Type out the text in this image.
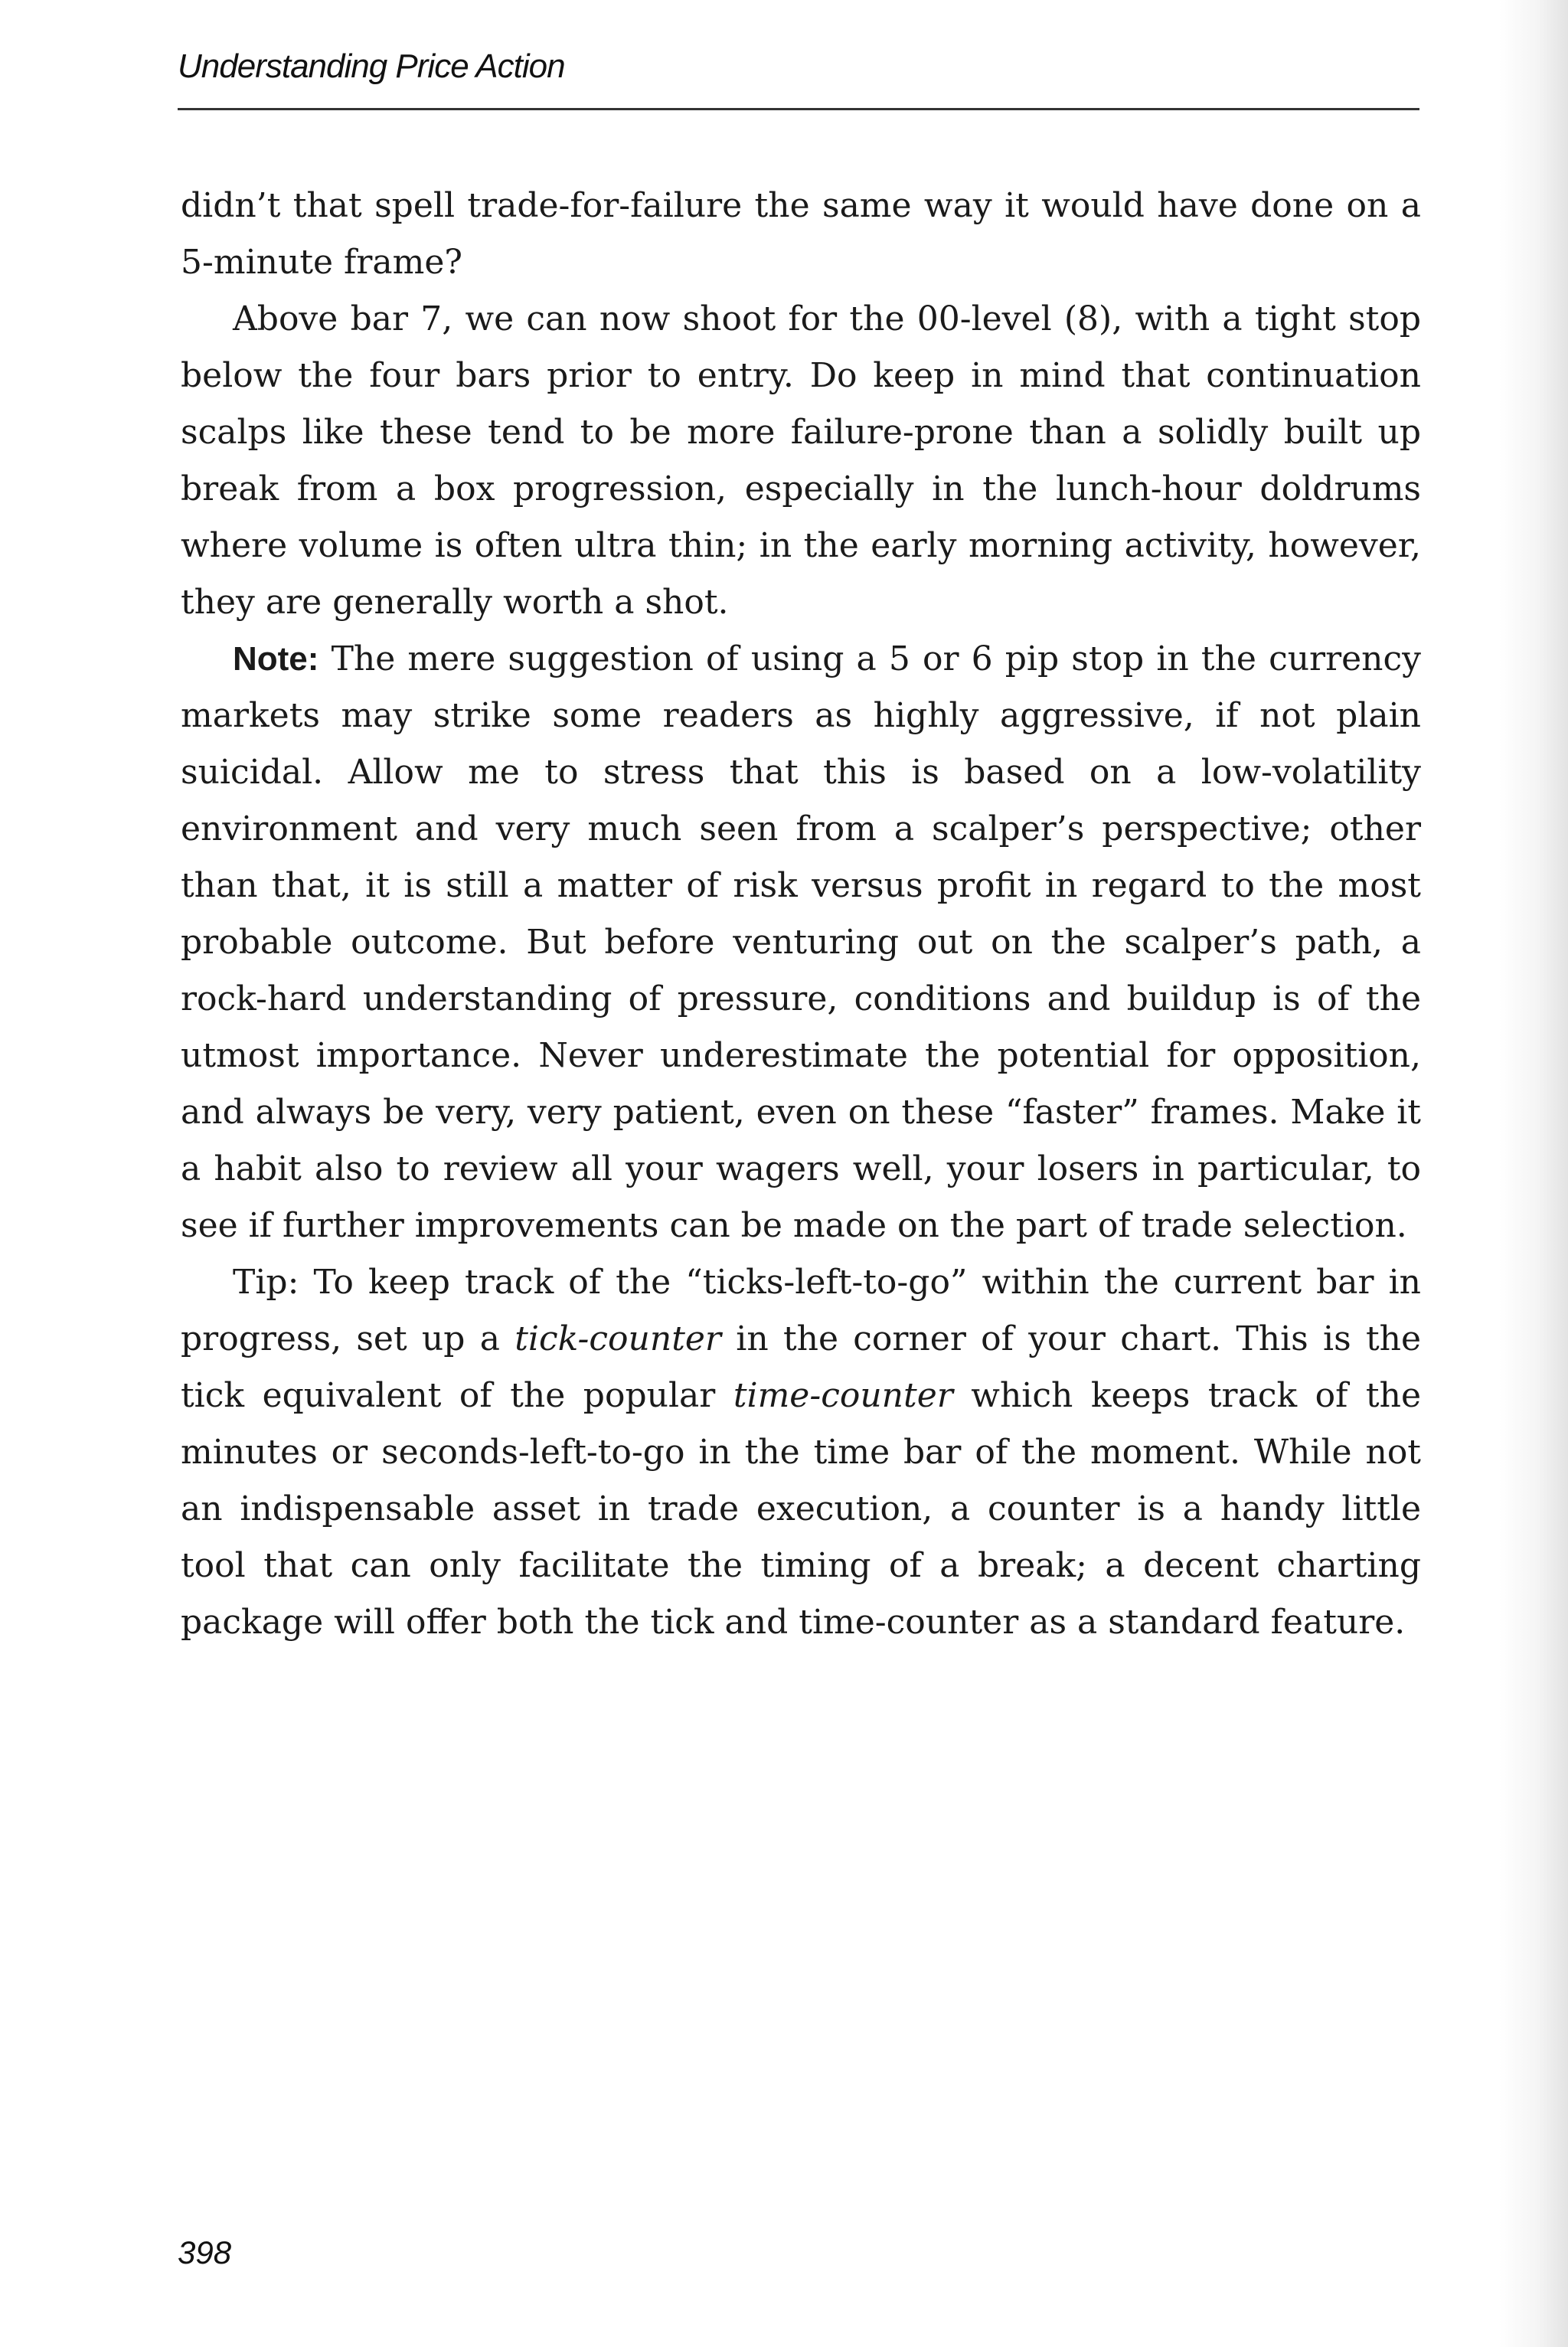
Understanding Price Action

didn’t that spell trade-for-failure the same way it would have done on a 5-minute frame?

Above bar 7, we can now shoot for the 00-level (8), with a tight stop below the four bars prior to entry. Do keep in mind that continuation scalps like these tend to be more failure-prone than a solidly built up break from a box progression, especially in the lunch-hour doldrums where volume is often ultra thin; in the early morning activity, however, they are generally worth a shot.

Note: The mere suggestion of using a 5 or 6 pip stop in the currency markets may strike some readers as highly aggressive, if not plain suicidal. Allow me to stress that this is based on a low-volatility environment and very much seen from a scalper’s perspective; other than that, it is still a matter of risk versus profit in regard to the most probable outcome. But before venturing out on the scalper’s path, a rock-hard understanding of pressure, conditions and buildup is of the utmost importance. Never underestimate the potential for opposition, and always be very, very patient, even on these “faster” frames. Make it a habit also to review all your wagers well, your losers in particular, to see if further improvements can be made on the part of trade selection.

Tip: To keep track of the “ticks-left-to-go” within the current bar in progress, set up a tick-counter in the corner of your chart. This is the tick equivalent of the popular time-counter which keeps track of the minutes or seconds-left-to-go in the time bar of the moment. While not an indispensable asset in trade execution, a counter is a handy little tool that can only facilitate the timing of a break; a decent charting package will offer both the tick and time-counter as a standard feature.

398
